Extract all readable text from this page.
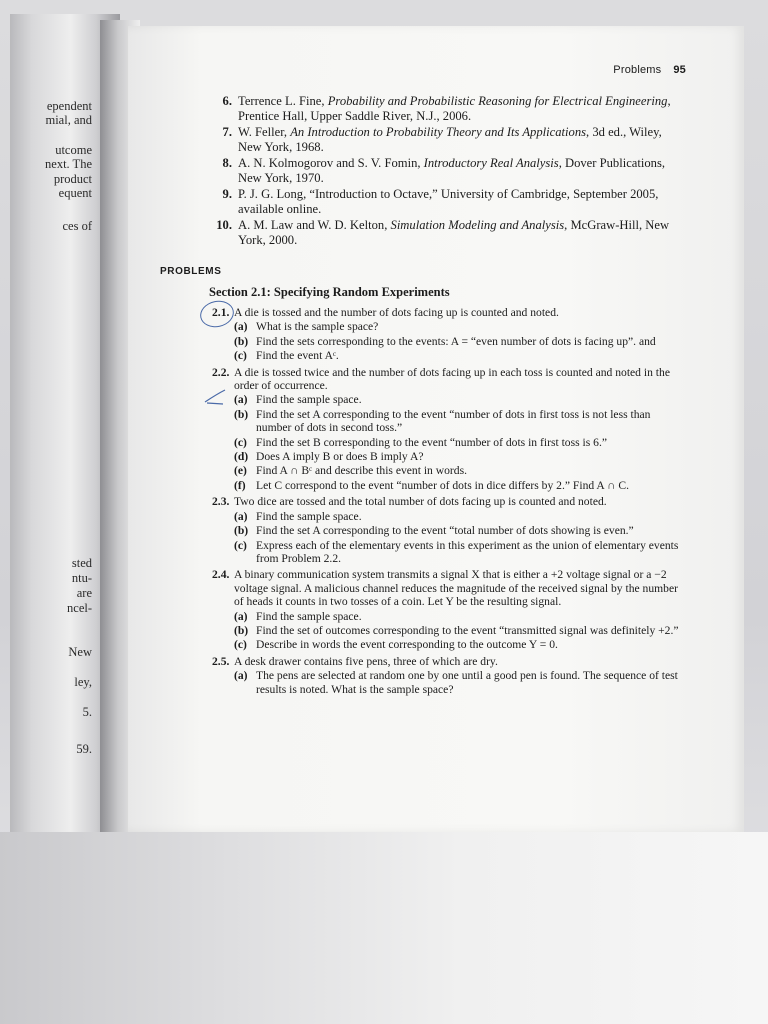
ependent
mial, and
utcome
next. The
product
equent
ces of
sted
ntu-
are
ncel-
New
ley,
5.
59.
Problems 95
6. Terrence L. Fine, Probability and Probabilistic Reasoning for Electrical Engineering, Prentice Hall, Upper Saddle River, N.J., 2006.
7. W. Feller, An Introduction to Probability Theory and Its Applications, 3d ed., Wiley, New York, 1968.
8. A. N. Kolmogorov and S. V. Fomin, Introductory Real Analysis, Dover Publications, New York, 1970.
9. P. J. G. Long, “Introduction to Octave,” University of Cambridge, September 2005, available online.
10. A. M. Law and W. D. Kelton, Simulation Modeling and Analysis, McGraw-Hill, New York, 2000.
PROBLEMS
Section 2.1: Specifying Random Experiments
2.1. A die is tossed and the number of dots facing up is counted and noted.
(a) What is the sample space?
(b) Find the sets corresponding to the events: A = “even number of dots is facing up”. and
(c) Find the event Aᶜ.
2.2. A die is tossed twice and the number of dots facing up in each toss is counted and noted in the order of occurrence.
(a) Find the sample space.
(b) Find the set A corresponding to the event “number of dots in first toss is not less than number of dots in second toss.”
(c) Find the set B corresponding to the event “number of dots in first toss is 6.”
(d) Does A imply B or does B imply A?
(e) Find A ∩ Bᶜ and describe this event in words.
(f) Let C correspond to the event “number of dots in dice differs by 2.” Find A ∩ C.
2.3. Two dice are tossed and the total number of dots facing up is counted and noted.
(a) Find the sample space.
(b) Find the set A corresponding to the event “total number of dots showing is even.”
(c) Express each of the elementary events in this experiment as the union of elementary events from Problem 2.2.
2.4. A binary communication system transmits a signal X that is either a +2 voltage signal or a −2 voltage signal. A malicious channel reduces the magnitude of the received signal by the number of heads it counts in two tosses of a coin. Let Y be the resulting signal.
(a) Find the sample space.
(b) Find the set of outcomes corresponding to the event “transmitted signal was definitely +2.”
(c) Describe in words the event corresponding to the outcome Y = 0.
2.5. A desk drawer contains five pens, three of which are dry.
(a) The pens are selected at random one by one until a good pen is found. The sequence of test results is noted. What is the sample space?
